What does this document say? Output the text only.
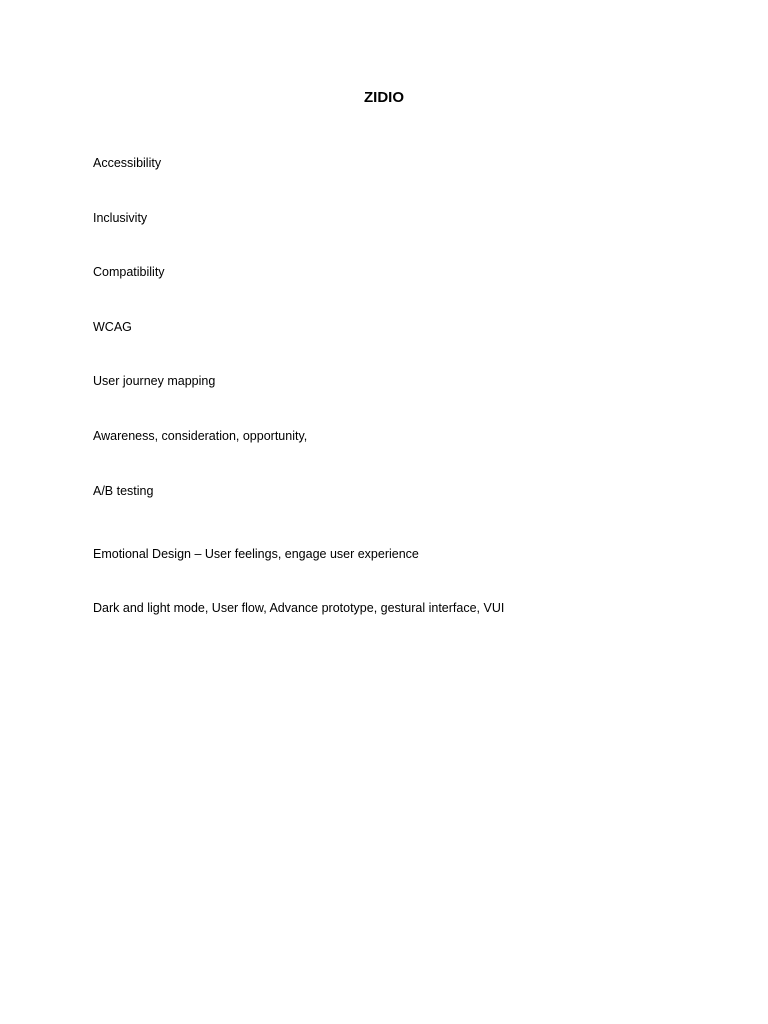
ZIDIO

Accessibility

Inclusivity

Compatibility

WCAG

User journey mapping

Awareness, consideration, opportunity,

A/B testing

Emotional Design – User feelings, engage user experience

Dark and light mode, User flow, Advance prototype, gestural interface, VUI
